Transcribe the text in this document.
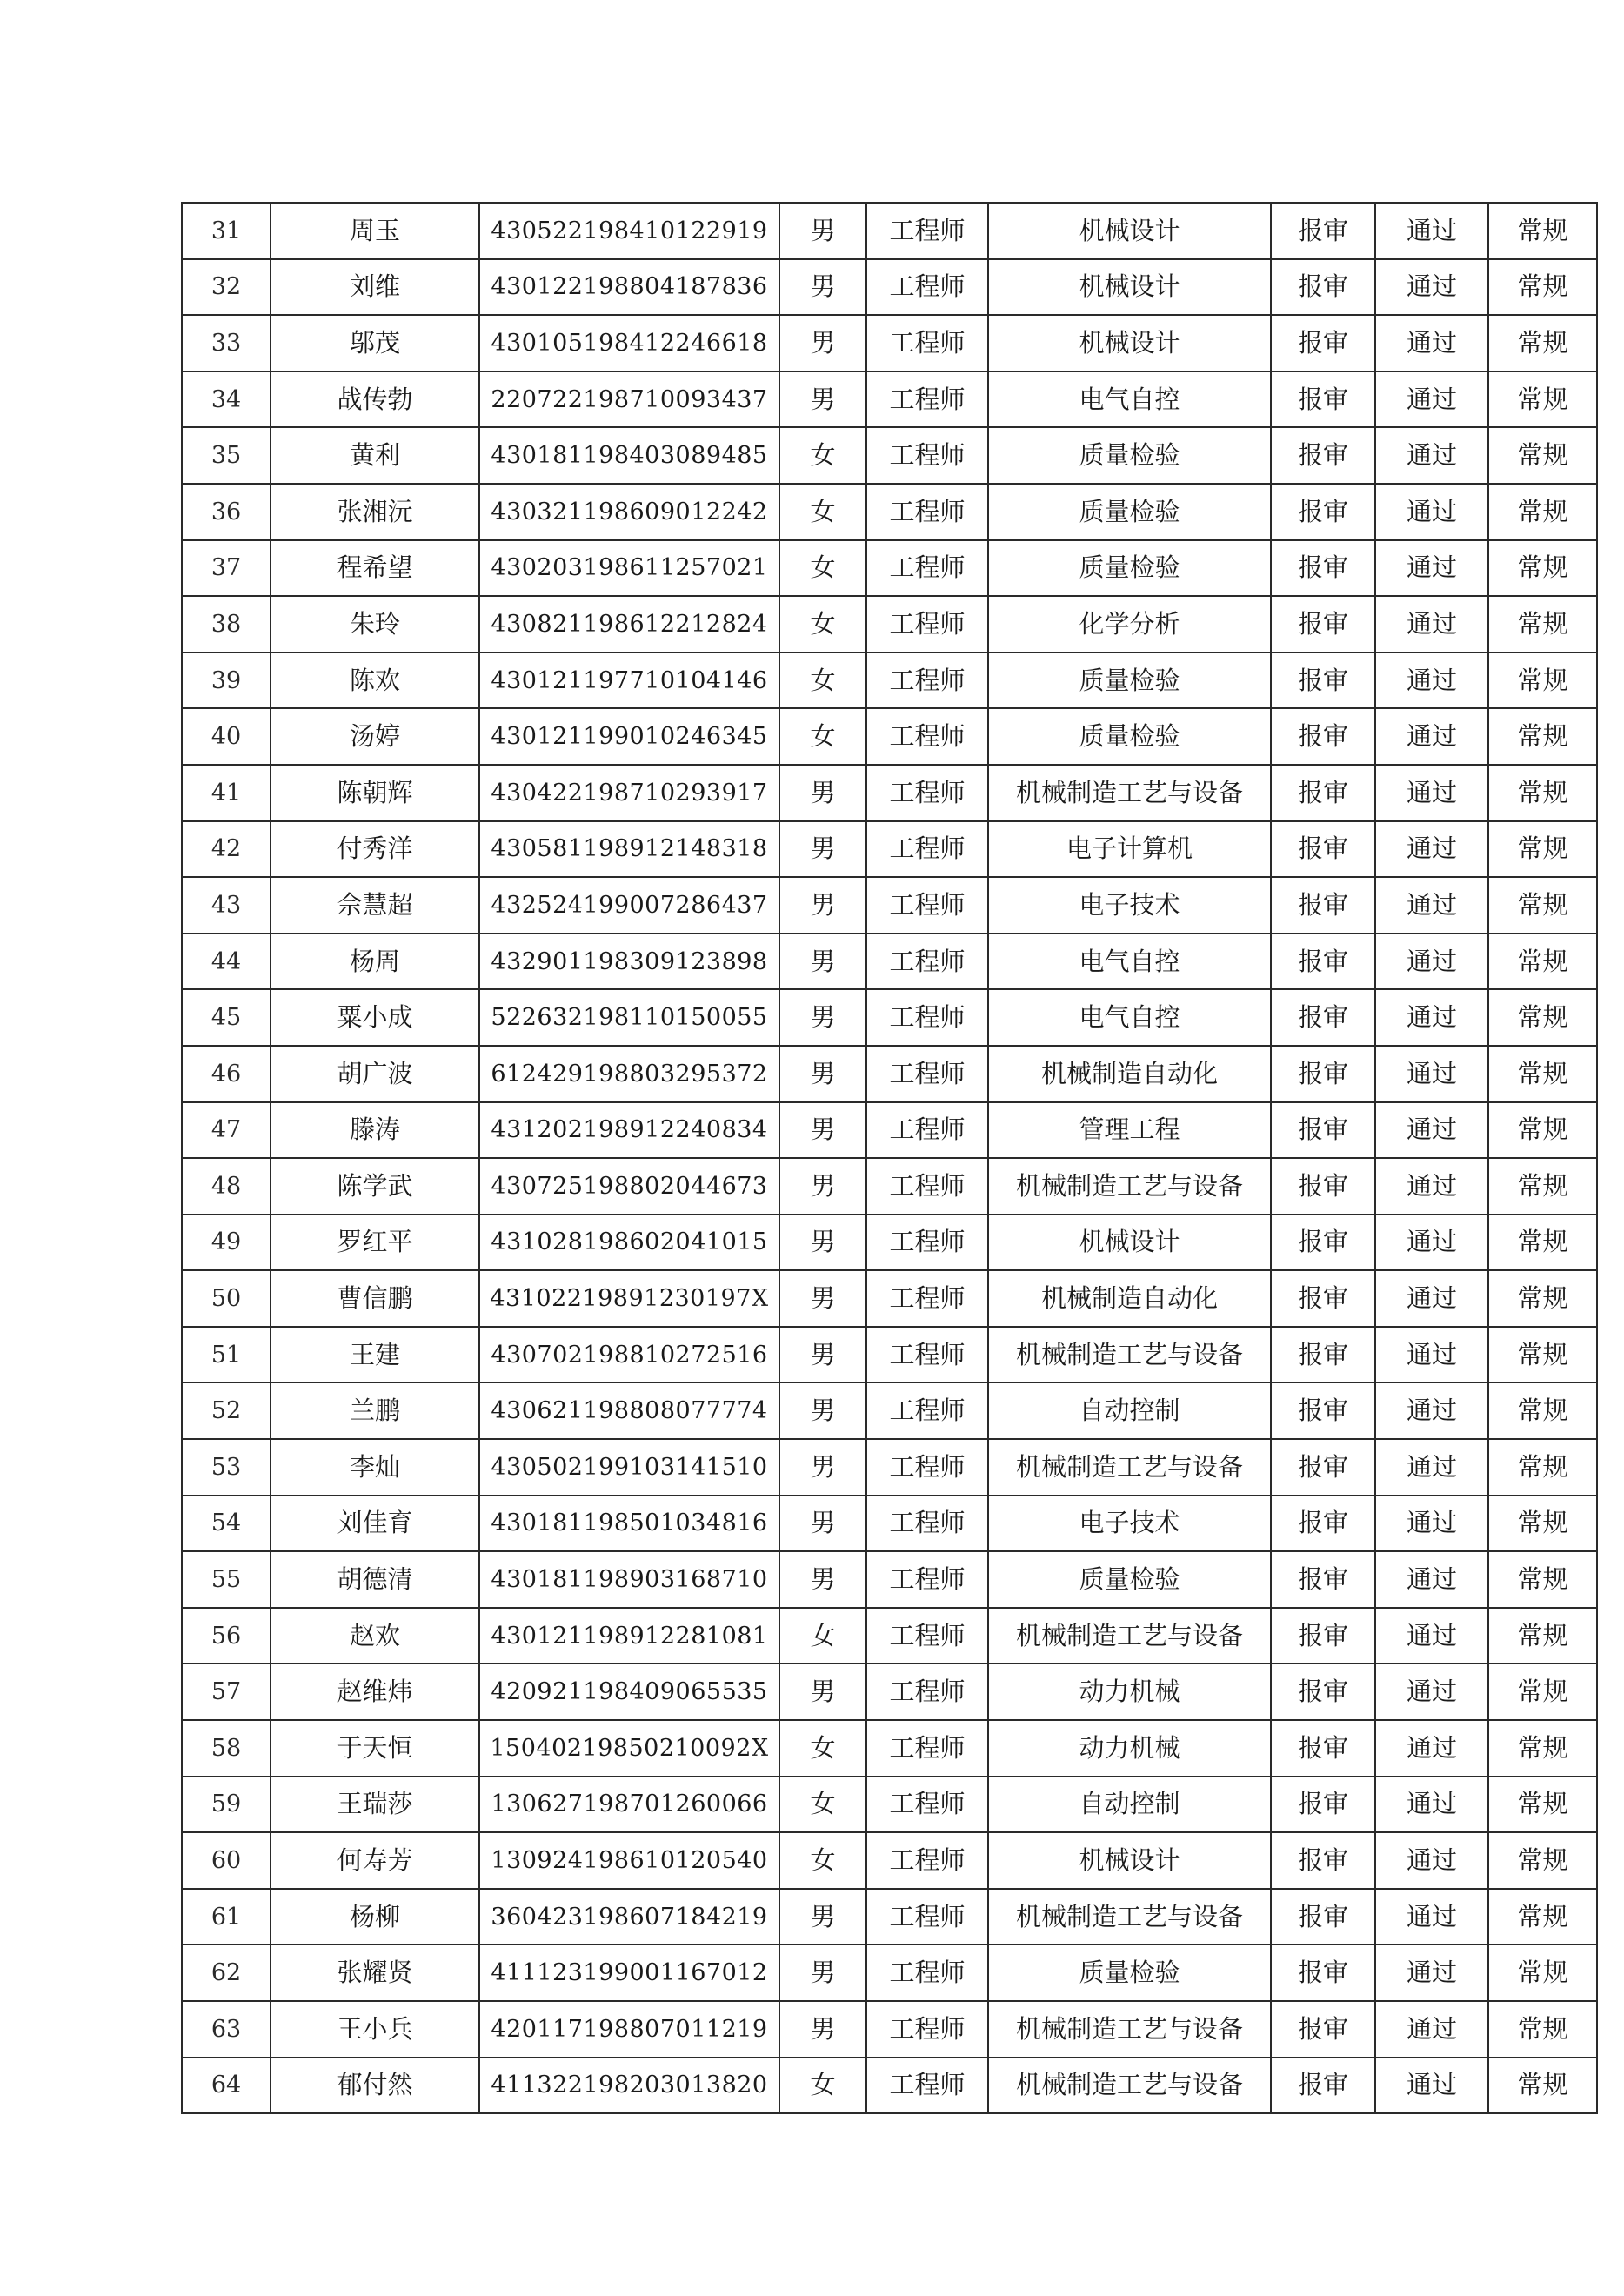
31	周玉	430522198410122919	男	工程师	机械设计	报审	通过	常规
32	刘维	430122198804187836	男	工程师	机械设计	报审	通过	常规
33	邬茂	430105198412246618	男	工程师	机械设计	报审	通过	常规
34	战传勃	220722198710093437	男	工程师	电气自控	报审	通过	常规
35	黄利	430181198403089485	女	工程师	质量检验	报审	通过	常规
36	张湘沅	430321198609012242	女	工程师	质量检验	报审	通过	常规
37	程希望	430203198611257021	女	工程师	质量检验	报审	通过	常规
38	朱玲	430821198612212824	女	工程师	化学分析	报审	通过	常规
39	陈欢	430121197710104146	女	工程师	质量检验	报审	通过	常规
40	汤婷	430121199010246345	女	工程师	质量检验	报审	通过	常规
41	陈朝辉	430422198710293917	男	工程师	机械制造工艺与设备	报审	通过	常规
42	付秀洋	430581198912148318	男	工程师	电子计算机	报审	通过	常规
43	佘慧超	432524199007286437	男	工程师	电子技术	报审	通过	常规
44	杨周	432901198309123898	男	工程师	电气自控	报审	通过	常规
45	粟小成	522632198110150055	男	工程师	电气自控	报审	通过	常规
46	胡广波	612429198803295372	男	工程师	机械制造自动化	报审	通过	常规
47	滕涛	431202198912240834	男	工程师	管理工程	报审	通过	常规
48	陈学武	430725198802044673	男	工程师	机械制造工艺与设备	报审	通过	常规
49	罗红平	431028198602041015	男	工程师	机械设计	报审	通过	常规
50	曹信鹏	43102219891230197X	男	工程师	机械制造自动化	报审	通过	常规
51	王建	430702198810272516	男	工程师	机械制造工艺与设备	报审	通过	常规
52	兰鹏	430621198808077774	男	工程师	自动控制	报审	通过	常规
53	李灿	430502199103141510	男	工程师	机械制造工艺与设备	报审	通过	常规
54	刘佳育	430181198501034816	男	工程师	电子技术	报审	通过	常规
55	胡德清	430181198903168710	男	工程师	质量检验	报审	通过	常规
56	赵欢	430121198912281081	女	工程师	机械制造工艺与设备	报审	通过	常规
57	赵维炜	420921198409065535	男	工程师	动力机械	报审	通过	常规
58	于天恒	15040219850210092X	女	工程师	动力机械	报审	通过	常规
59	王瑞莎	130627198701260066	女	工程师	自动控制	报审	通过	常规
60	何寿芳	130924198610120540	女	工程师	机械设计	报审	通过	常规
61	杨柳	360423198607184219	男	工程师	机械制造工艺与设备	报审	通过	常规
62	张耀贤	411123199001167012	男	工程师	质量检验	报审	通过	常规
63	王小兵	420117198807011219	男	工程师	机械制造工艺与设备	报审	通过	常规
64	郁付然	411322198203013820	女	工程师	机械制造工艺与设备	报审	通过	常规
